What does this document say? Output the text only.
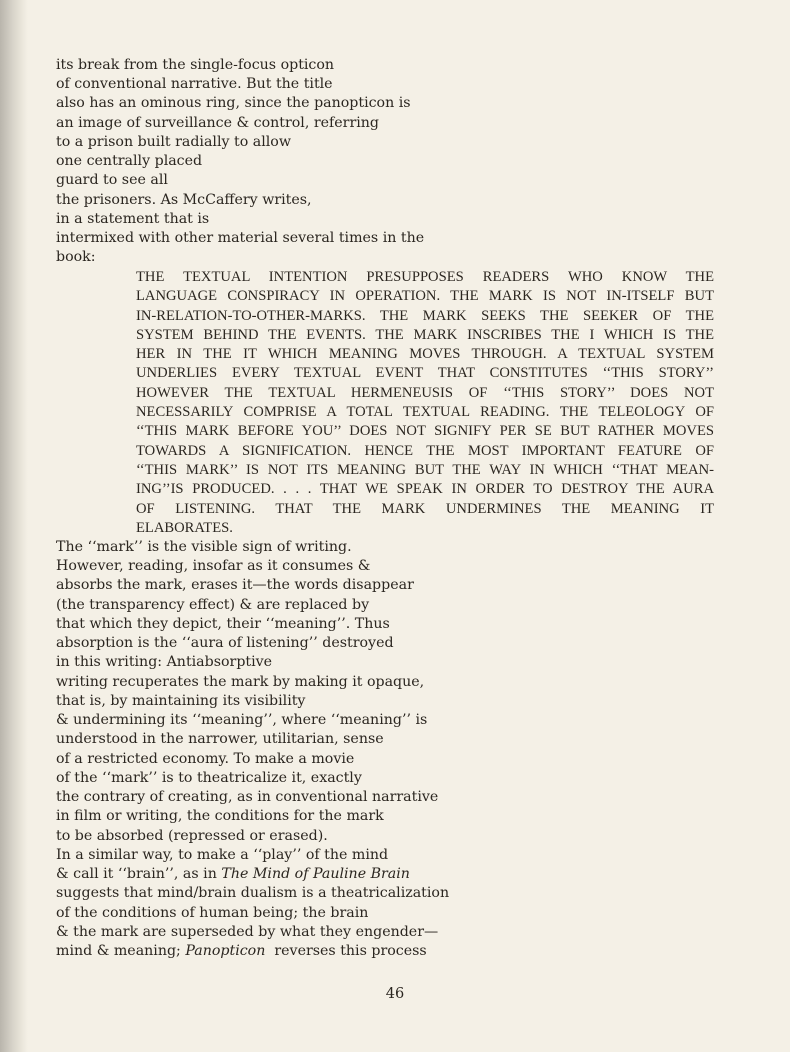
its break from the single-focus opticon
of conventional narrative. But the title
also has an ominous ring, since the panopticon is
an image of surveillance & control, referring
to a prison built radially to allow
one centrally placed
guard to see all
the prisoners. As McCaffery writes,
in a statement that is
intermixed with other material several times in the
book:
THE TEXTUAL INTENTION PRESUPPOSES READERS WHO KNOW THE
LANGUAGE CONSPIRACY IN OPERATION. THE MARK IS NOT IN-ITSELF BUT
IN-RELATION-TO-OTHER-MARKS. THE MARK SEEKS THE SEEKER OF THE
SYSTEM BEHIND THE EVENTS. THE MARK INSCRIBES THE I WHICH IS THE
HER IN THE IT WHICH MEANING MOVES THROUGH. A TEXTUAL SYSTEM
UNDERLIES EVERY TEXTUAL EVENT THAT CONSTITUTES ‘‘THIS STORY’’
HOWEVER THE TEXTUAL HERMENEUSIS OF ‘‘THIS STORY’’ DOES NOT
NECESSARILY COMPRISE A TOTAL TEXTUAL READING. THE TELEOLOGY OF
‘‘THIS MARK BEFORE YOU’’ DOES NOT SIGNIFY PER SE BUT RATHER MOVES
TOWARDS A SIGNIFICATION. HENCE THE MOST IMPORTANT FEATURE OF
‘‘THIS MARK’’ IS NOT ITS MEANING BUT THE WAY IN WHICH ‘‘THAT MEAN-
ING’’IS PRODUCED. . . . THAT WE SPEAK IN ORDER TO DESTROY THE AURA
OF LISTENING. THAT THE MARK UNDERMINES THE MEANING IT
ELABORATES.
The ‘‘mark’’ is the visible sign of writing.
However, reading, insofar as it consumes &
absorbs the mark, erases it—the words disappear
(the transparency effect) & are replaced by
that which they depict, their ‘‘meaning’’. Thus
absorption is the ‘‘aura of listening’’ destroyed
in this writing: Antiabsorptive
writing recuperates the mark by making it opaque,
that is, by maintaining its visibility
& undermining its ‘‘meaning’’, where ‘‘meaning’’ is
understood in the narrower, utilitarian, sense
of a restricted economy. To make a movie
of the ‘‘mark’’ is to theatricalize it, exactly
the contrary of creating, as in conventional narrative
in film or writing, the conditions for the mark
to be absorbed (repressed or erased).
In a similar way, to make a ‘‘play’’ of the mind
& call it ‘‘brain’’, as in The Mind of Pauline Brain
suggests that mind/brain dualism is a theatricalization
of the conditions of human being; the brain
& the mark are superseded by what they engender—
mind & meaning; Panopticon  reverses this process
46
